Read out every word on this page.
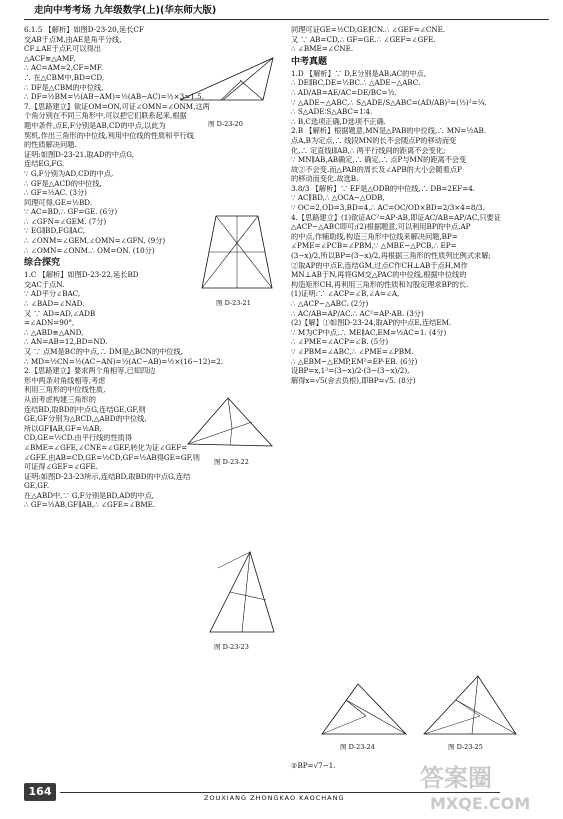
走向中考考场 九年级数学(上)(华东师大版)
6.1.5 【解析】如图D-23-20,延长CF
交AB于点M,由AE是角平分线,
CF⊥AE于点F,可以得出
△ACF≌△AMF,
∴ AC=AM=2,CF=MF.
∴ 在△CBM中,BD=CD,
∴ DF是△CBM的中位线,
∴ DF=½BM=½(AB−AM)=½(AB−AC)=½×3=1.5.
7.【思路建立】欲证OM=ON,可证∠OMN=∠ONM,这两
个角分别在不同三角形中,可以把它们联系起来,根据
题中条件,点E,F分别是AB,CD的中点,以此为
契机,作出三角形的中位线,利用中位线的性质和平行线
的性质解决问题.
证明:如图D-23-21,取AD的中点G,
连结EG,FG.
∵ G,F分别为AD,CD的中点,
∴ GF是△ACD的中位线,
∴ GF=½AC. (3分)
同理可得,GE=½BD.
∵ AC=BD,∴ GF=GE. (6分)
∴ ∠GFN=∠GEM. (7分)
∵ EG∥BD,FG∥AC,
∴ ∠ONM=∠GEM,∠OMN=∠GFN, (9分)
∴ ∠OMN=∠ONM.∴ OM=ON. (10分)
综合探究
1.C 【解析】如图D-23-22,延长BD
交AC于点N.
∵ AD平分∠BAC,
∴ ∠BAD=∠NAD.
又 ∵ AD=AD,∠ADB
=∠ADN=90°,
∴ △ABD≌△AND,
∴ AN=AB=12,BD=ND.
又 ∵ 点M是BC的中点,∴ DM是△BCN的中位线,
∴ MD=½CN=½(AC−AN)=½(AC−AB)=½×(16−12)=2.
2.【思路建立】要求两个角相等,已知四边
形中两条对角线相等,考虑
利用三角形的中位线性质,
从而考虑构建三角形的
连结BD,取BD的中点G,连结GE,GF,则
GE,GF分别为△BCD,△ABD的中位线,
所以GF∥AB,GF=½AB,
CD,GE=½CD.由平行线的性质得
∠BME=∠GFE,∠CNE=∠GEF,转化为证∠GEF=
∠GFE.由AB=CD,GE=½CD,GF=½AB得GE=GF,则
可证得∠GEF=∠GFE.
证明:如图D-23-23所示,连结BD,取BD的中点G,连结
GE,GF.
在△ABD中,∵ G,F分别是BD,AD的中点,
∴ GF=½AB,GF∥AB,∴ ∠GFE=∠BME.
同理可证GE=½CD,GE∥CN.∴ ∠GEF=∠CNE.
又 ∵ AB=CD,∴ GF=GE.∴ ∠GEF=∠GFE.
∴ ∠BME=∠CNE.
中考真题
1.D 【解析】∵ D,E分别是AB,AC的中点,
∴ DE∥BC,DE=½BC.∴ △ADE∽△ABC.
∴ AD/AB=AE/AC=DE/BC=½.
∵ △ADE∽△ABC,∴ S△ADE/S△ABC=(AD/AB)²=(½)²=¼.
∴ S△ADE∶S△ABC=1∶4.
∴ B,C选项正确,D选项不正确.
2.B 【解析】根据题意,MN是△PAB的中位线,∴ MN=½AB.
点A,B为定点,∴ 线段MN的长不会随点P的移动而变
化,∴ 定直线l∥AB,∴ 两平行线间的距离不会变化;
∵ MN∥AB,AB确定,∴ 确定,∴ 点P与MN的距离不会变
故②不会变.而△PAB的周长及∠APB的大小会随着点P
的移动而变化.故选B.
3.8/3 【解析】∵ EF是△ODB的中位线,∴ DB=2EF=4.
∵ AC∥BD,∴ △OCA∽△ODB,
∵ OC=2,OD=3,BD=4,∴ AC=OC/OD×BD=2/3×4=8/3.
4.【思路建立】(1)欲证AC²=AP·AB,即证AC/AB=AP/AC,只要证
△ACP∽△ABC即可;(2)根据题意,可以利用BP的中点,AP
的中点,作辅助线,构造三角形中位线来解决问题,BP=
∠PME=∠PCB=∠PBM,∵ △MBE∽△PCB,∴ EP=
(3−x)/2,所以BP=(3−x)/2,再根据三角形的性质列比例式求解;
②取AP的中点E,连结GM,过点C作CH⊥AB于点H,M作
MN⊥AB于N,再将GM交△PAC的中位线,根据中位线的
构造矩形CH,再利用三角形的性质和勾股定理求BP的长.
(1)证明:∵ ∠ACP=∠B,∠A=∠A,
∴ △ACP∽△ABC. (2分)
∴ AC/AB=AP/AC.∴ AC²=AP·AB. (3分)
(2)【解】①如图D-23-24,取AP的中点E,连结EM.
∵ M为CP中点,∴ ME∥AC,EM=½AC=1. (4分)
∴ ∠PME=∠ACP=∠B. (5分)
∵ ∠PBM=∠ABC,∴ ∠PME=∠PBM.
∴ △EBM∽△EMP,EM²=EP·EB. (6分)
设BP=x,1²=(3−x)/2·(3−(3−x)/2),
解得x=√5(舍去负根),即BP=√5. (8分)
图 D-23-20
图 D-23-21
图 D-23-22
图 D-23-23
图 D-23-24	图 D-23-25
②BP=√7−1.
164	ZOUXIANG ZHONGKAO KAOCHANG
答案圈
MXQE.COM
